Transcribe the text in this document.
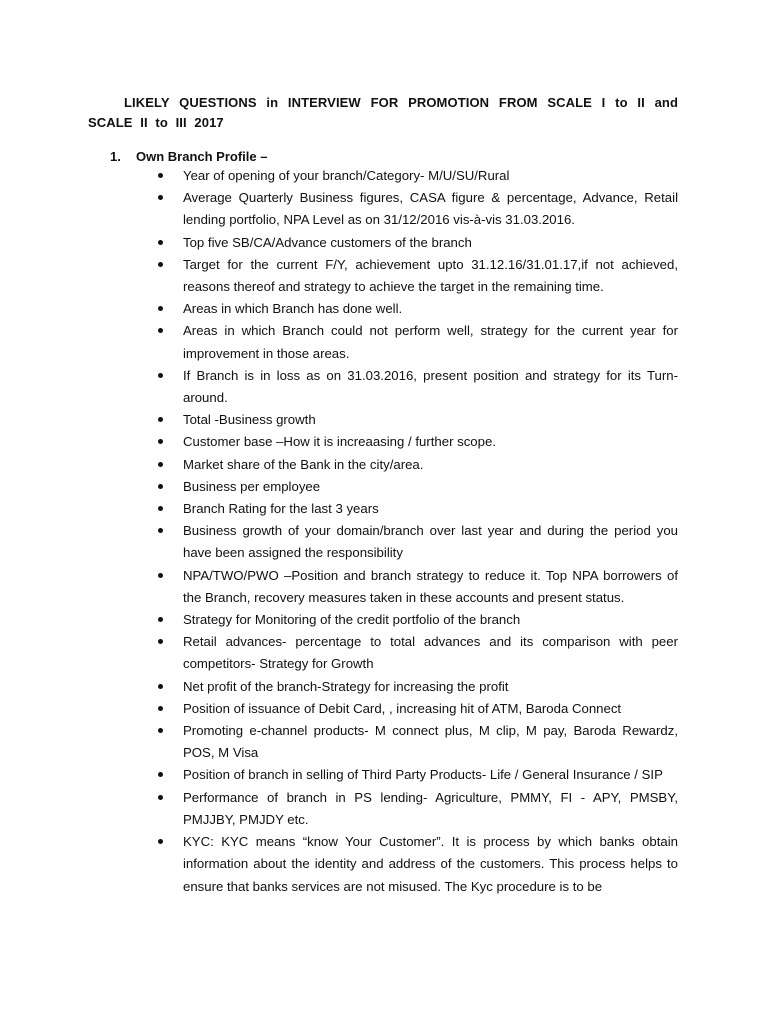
LIKELY QUESTIONS in INTERVIEW FOR PROMOTION FROM SCALE I to II and SCALE II to III 2017
1. Own Branch Profile –
Year of opening of your branch/Category- M/U/SU/Rural
Average Quarterly Business figures, CASA figure & percentage, Advance, Retail lending portfolio, NPA Level as on 31/12/2016 vis-à-vis 31.03.2016.
Top five SB/CA/Advance customers of the branch
Target for the current F/Y, achievement upto 31.12.16/31.01.17,if not achieved, reasons thereof and strategy to achieve the target in the remaining time.
Areas in which Branch has done well.
Areas in which Branch could not perform well, strategy for the current year for improvement in those areas.
If Branch is in loss as on 31.03.2016, present position and strategy for its Turn-around.
Total -Business growth
Customer base –How it is increaasing / further scope.
Market share of the Bank in the city/area.
Business per employee
Branch Rating for the last 3 years
Business growth of your domain/branch over last year and during the period you have been assigned the responsibility
NPA/TWO/PWO –Position and branch strategy to reduce it. Top NPA borrowers of the Branch, recovery measures taken in these accounts and present status.
Strategy for Monitoring of the credit portfolio of the branch
Retail advances- percentage to total advances and its comparison with peer competitors- Strategy for Growth
Net profit of the branch-Strategy for increasing the profit
Position of issuance of Debit Card, , increasing hit of ATM, Baroda Connect
Promoting e-channel products- M connect plus, M clip, M pay, Baroda Rewardz, POS, M Visa
Position of branch in selling of Third Party Products- Life / General Insurance / SIP
Performance of branch in PS lending- Agriculture, PMMY, FI - APY, PMSBY, PMJJBY, PMJDY etc.
KYC: KYC means “know Your Customer”. It is process by which banks obtain information about the identity and address of the customers. This process helps to ensure that banks services are not misused. The Kyc procedure is to be
